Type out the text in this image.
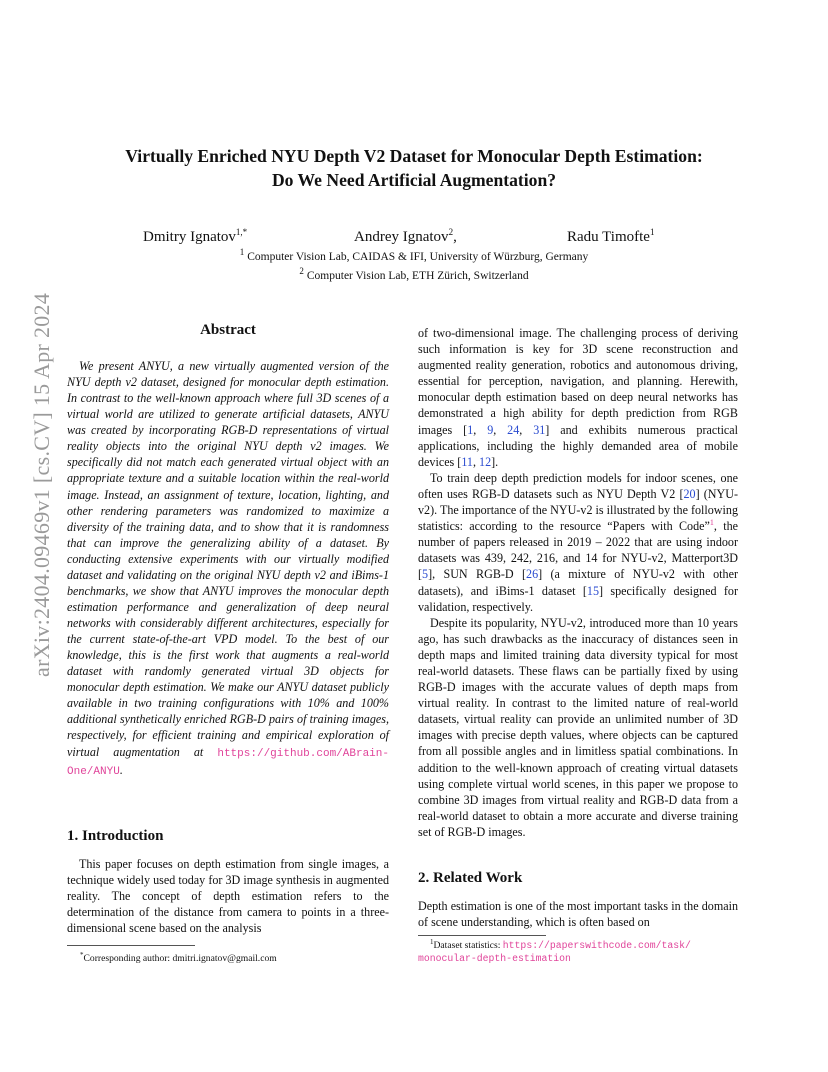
arXiv:2404.09469v1 [cs.CV] 15 Apr 2024
Virtually Enriched NYU Depth V2 Dataset for Monocular Depth Estimation:
Do We Need Artificial Augmentation?
Dmitry Ignatov$^{1,*}$	Andrey Ignatov$^2$,	Radu Timofte$^1$
$^1$ Computer Vision Lab, CAIDAS & IFI, University of Würzburg, Germany
$^2$ Computer Vision Lab, ETH Zürich, Switzerland
Abstract
We present ANYU, a new virtually augmented version of the NYU depth v2 dataset, designed for monocular depth estimation. In contrast to the well-known approach where full 3D scenes of a virtual world are utilized to generate artificial datasets, ANYU was created by incorporating RGB-D representations of virtual reality objects into the original NYU depth v2 images. We specifically did not match each generated virtual object with an appropriate texture and a suitable location within the real-world image. Instead, an assignment of texture, location, lighting, and other rendering parameters was randomized to maximize a diversity of the training data, and to show that it is randomness that can improve the generalizing ability of a dataset. By conducting extensive experiments with our virtually modified dataset and validating on the original NYU depth v2 and iBims-1 benchmarks, we show that ANYU improves the monocular depth estimation performance and generalization of deep neural networks with considerably different architectures, especially for the current state-of-the-art VPD model. To the best of our knowledge, this is the first work that augments a real-world dataset with randomly generated virtual 3D objects for monocular depth estimation. We make our ANYU dataset publicly available in two training configurations with 10% and 100% additional synthetically enriched RGB-D pairs of training images, respectively, for efficient training and empirical exploration of virtual augmentation at https://github.com/ABrain-One/ANYU.
1. Introduction

This paper focuses on depth estimation from single images, a technique widely used today for 3D image synthesis in augmented reality. The concept of depth estimation refers to the determination of the distance from camera to points in a three-dimensional scene based on the analysis

*Corresponding author: dmitri.ignatov@gmail.com

of two-dimensional image. The challenging process of deriving such information is key for 3D scene reconstruction and augmented reality generation, robotics and autonomous driving, essential for perception, navigation, and planning. Herewith, monocular depth estimation based on deep neural networks has demonstrated a high ability for depth prediction from RGB images [1, 9, 24, 31] and exhibits numerous practical applications, including the highly demanded area of mobile devices [11, 12].

To train deep depth prediction models for indoor scenes, one often uses RGB-D datasets such as NYU Depth V2 [20] (NYU-v2). The importance of the NYU-v2 is illustrated by the following statistics: according to the resource “Papers with Code”$^1$, the number of papers released in 2019 – 2022 that are using indoor datasets was 439, 242, 216, and 14 for NYU-v2, Matterport3D [5], SUN RGB-D [26] (a mixture of NYU-v2 with other datasets), and iBims-1 dataset [15] specifically designed for validation, respectively.

Despite its popularity, NYU-v2, introduced more than 10 years ago, has such drawbacks as the inaccuracy of distances seen in depth maps and limited training data diversity typical for most real-world datasets. These flaws can be partially fixed by using RGB-D images with the accurate values of depth maps from virtual reality. In contrast to the limited nature of real-world datasets, virtual reality can provide an unlimited number of 3D images with precise depth values, where objects can be captured from all possible angles and in limitless spatial combinations. In addition to the well-known approach of creating virtual datasets using complete virtual world scenes, in this paper we propose to combine 3D images from virtual reality and RGB-D data from a real-world dataset to obtain a more accurate and diverse training set of RGB-D images.

2. Related Work

Depth estimation is one of the most important tasks in the domain of scene understanding, which is often based on

$^1$Dataset statistics: https://paperswithcode.com/task/
monocular-depth-estimation
